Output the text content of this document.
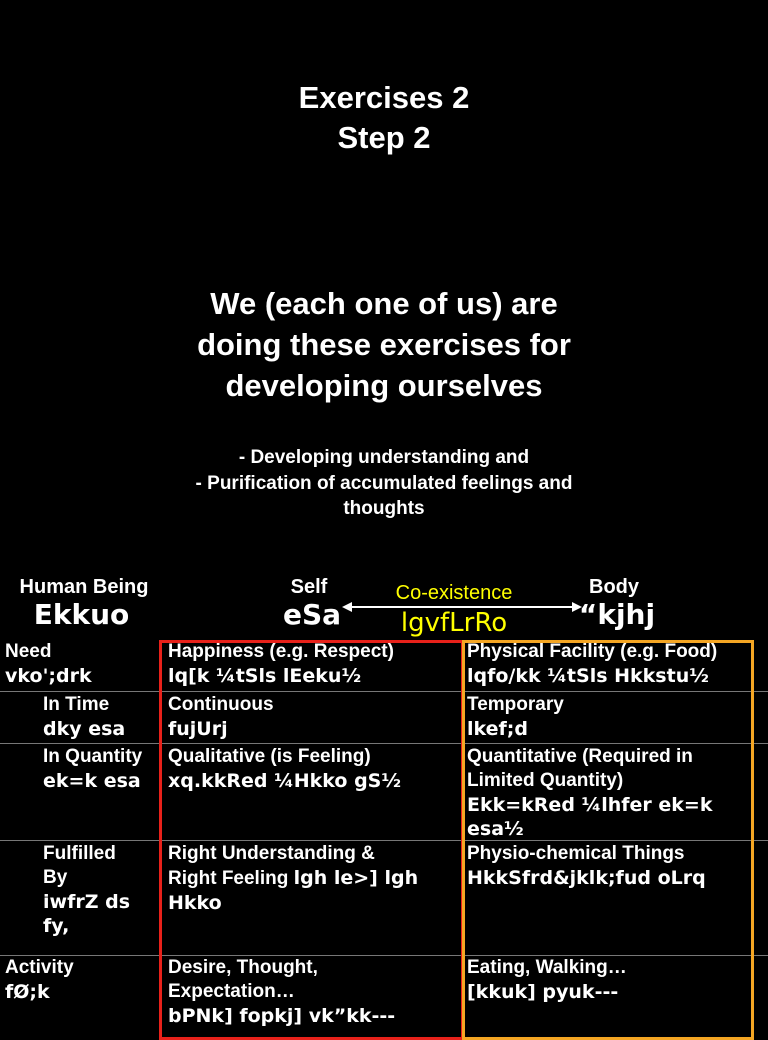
Exercises 2
Step 2
We (each one of us) are
doing these exercises for
developing ourselves
- Developing understanding and
- Purification of accumulated feelings and
thoughts
Human Being
Ekkuo
Self
eSa
Co-existence
lgvfLrRo
Body
“kjhj
Need
vko';drk
Happiness (e.g. Respect)
lq[k ¼tSls lEeku½
Physical Facility (e.g. Food)
lqfo/kk ¼tSls Hkkstu½
In Time
dky esa
Continuous
fujUrj
Temporary
lkef;d
In Quantity
ek=k esa
Qualitative (is Feeling)
xq.kkRed ¼Hkko gS½
Quantitative (Required in
Limited Quantity)
Ekk=kRed ¼lhfer ek=k
esa½
Fulfilled
By
iwfrZ ds
fy,
Right Understanding &
Right Feeling lgh le>] lgh
Hkko
Physio-chemical Things
HkkSfrd&jklk;fud oLrq
Activity
fØ;k
Desire, Thought,
Expectation…
bPNk] fopkj] vk”kk---
Eating, Walking…
[kkuk] pyuk---
